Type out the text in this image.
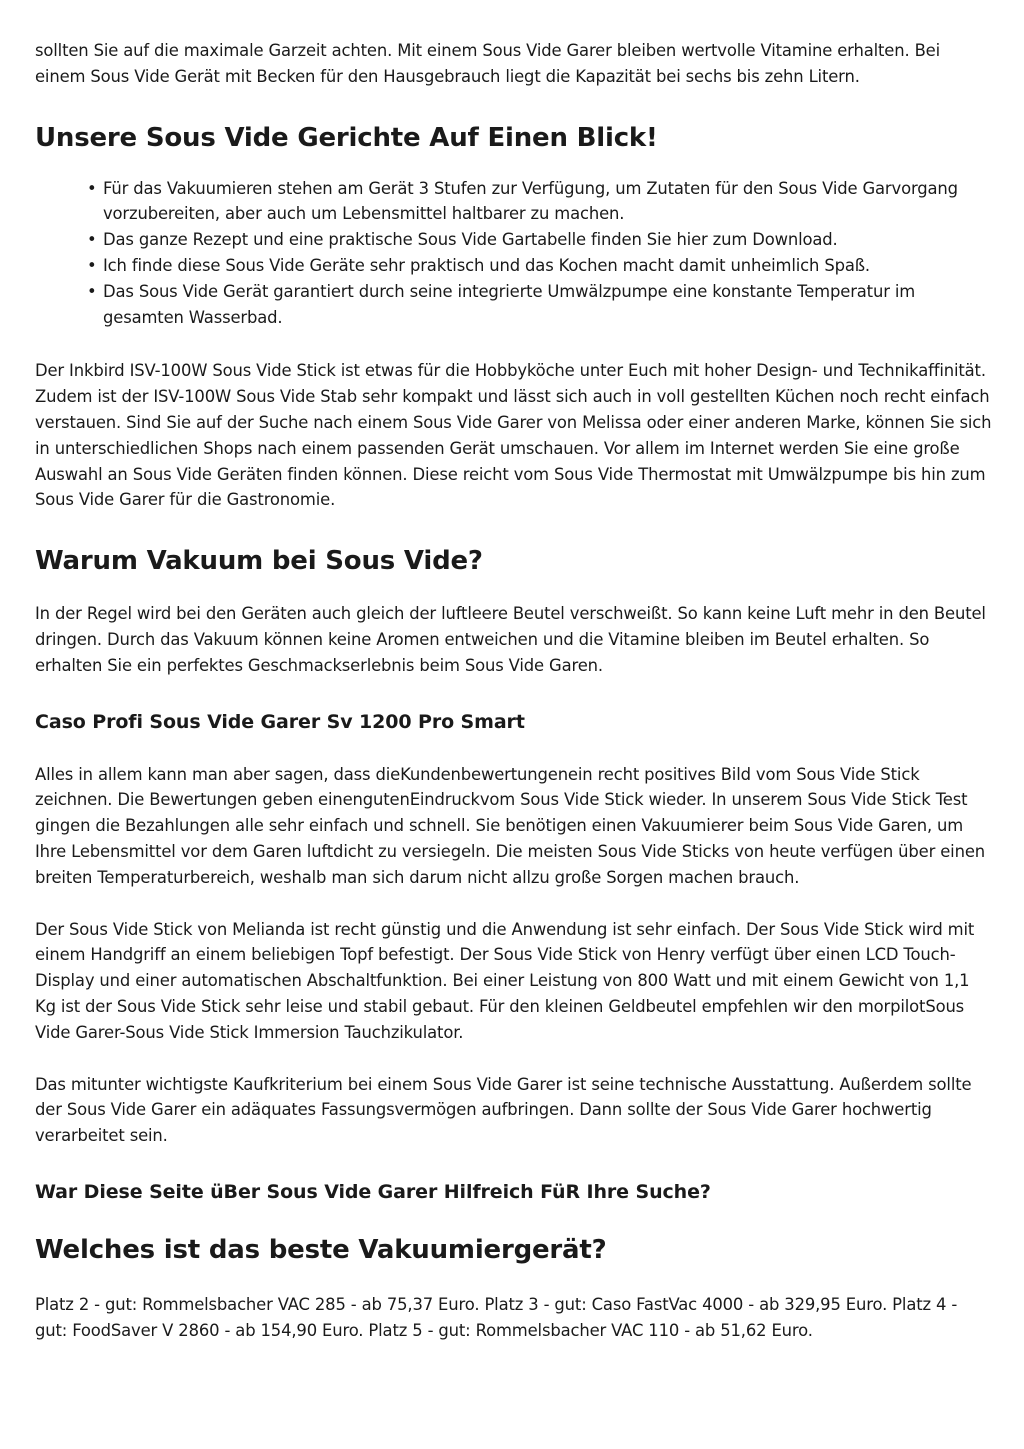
sollten Sie auf die maximale Garzeit achten. Mit einem Sous Vide Garer bleiben wertvolle Vitamine erhalten. Bei einem Sous Vide Gerät mit Becken für den Hausgebrauch liegt die Kapazität bei sechs bis zehn Litern.

Unsere Sous Vide Gerichte Auf Einen Blick!
• Für das Vakuumieren stehen am Gerät 3 Stufen zur Verfügung, um Zutaten für den Sous Vide Garvorgang vorzubereiten, aber auch um Lebensmittel haltbarer zu machen.
• Das ganze Rezept und eine praktische Sous Vide Gartabelle finden Sie hier zum Download.
• Ich finde diese Sous Vide Geräte sehr praktisch und das Kochen macht damit unheimlich Spaß.
• Das Sous Vide Gerät garantiert durch seine integrierte Umwälzpumpe eine konstante Temperatur im gesamten Wasserbad.

Der Inkbird ISV-100W Sous Vide Stick ist etwas für die Hobbyköche unter Euch mit hoher Design- und Technikaffinität. Zudem ist der ISV-100W Sous Vide Stab sehr kompakt und lässt sich auch in voll gestellten Küchen noch recht einfach verstauen. Sind Sie auf der Suche nach einem Sous Vide Garer von Melissa oder einer anderen Marke, können Sie sich in unterschiedlichen Shops nach einem passenden Gerät umschauen. Vor allem im Internet werden Sie eine große Auswahl an Sous Vide Geräten finden können. Diese reicht vom Sous Vide Thermostat mit Umwälzpumpe bis hin zum Sous Vide Garer für die Gastronomie.

Warum Vakuum bei Sous Vide?

In der Regel wird bei den Geräten auch gleich der luftleere Beutel verschweißt. So kann keine Luft mehr in den Beutel dringen. Durch das Vakuum können keine Aromen entweichen und die Vitamine bleiben im Beutel erhalten. So erhalten Sie ein perfektes Geschmackserlebnis beim Sous Vide Garen.

Caso Profi Sous Vide Garer Sv 1200 Pro Smart

Alles in allem kann man aber sagen, dass dieKundenbewertungenein recht positives Bild vom Sous Vide Stick zeichnen. Die Bewertungen geben einengutenEindruckvom Sous Vide Stick wieder. In unserem Sous Vide Stick Test gingen die Bezahlungen alle sehr einfach und schnell. Sie benötigen einen Vakuumierer beim Sous Vide Garen, um Ihre Lebensmittel vor dem Garen luftdicht zu versiegeln. Die meisten Sous Vide Sticks von heute verfügen über einen breiten Temperaturbereich, weshalb man sich darum nicht allzu große Sorgen machen brauch.

Der Sous Vide Stick von Melianda ist recht günstig und die Anwendung ist sehr einfach. Der Sous Vide Stick wird mit einem Handgriff an einem beliebigen Topf befestigt. Der Sous Vide Stick von Henry verfügt über einen LCD Touch-Display und einer automatischen Abschaltfunktion. Bei einer Leistung von 800 Watt und mit einem Gewicht von 1,1 Kg ist der Sous Vide Stick sehr leise und stabil gebaut. Für den kleinen Geldbeutel empfehlen wir den morpilotSous Vide Garer-Sous Vide Stick Immersion Tauchzikulator.

Das mitunter wichtigste Kaufkriterium bei einem Sous Vide Garer ist seine technische Ausstattung. Außerdem sollte der Sous Vide Garer ein adäquates Fassungsvermögen aufbringen. Dann sollte der Sous Vide Garer hochwertig verarbeitet sein.

War Diese Seite üBer Sous Vide Garer Hilfreich FüR Ihre Suche?
Welches ist das beste Vakuumiergerät?

Platz 2 - gut: Rommelsbacher VAC 285 - ab 75,37 Euro. Platz 3 - gut: Caso FastVac 4000 - ab 329,95 Euro. Platz 4 - gut: FoodSaver V 2860 - ab 154,90 Euro. Platz 5 - gut: Rommelsbacher VAC 110 - ab 51,62 Euro.
